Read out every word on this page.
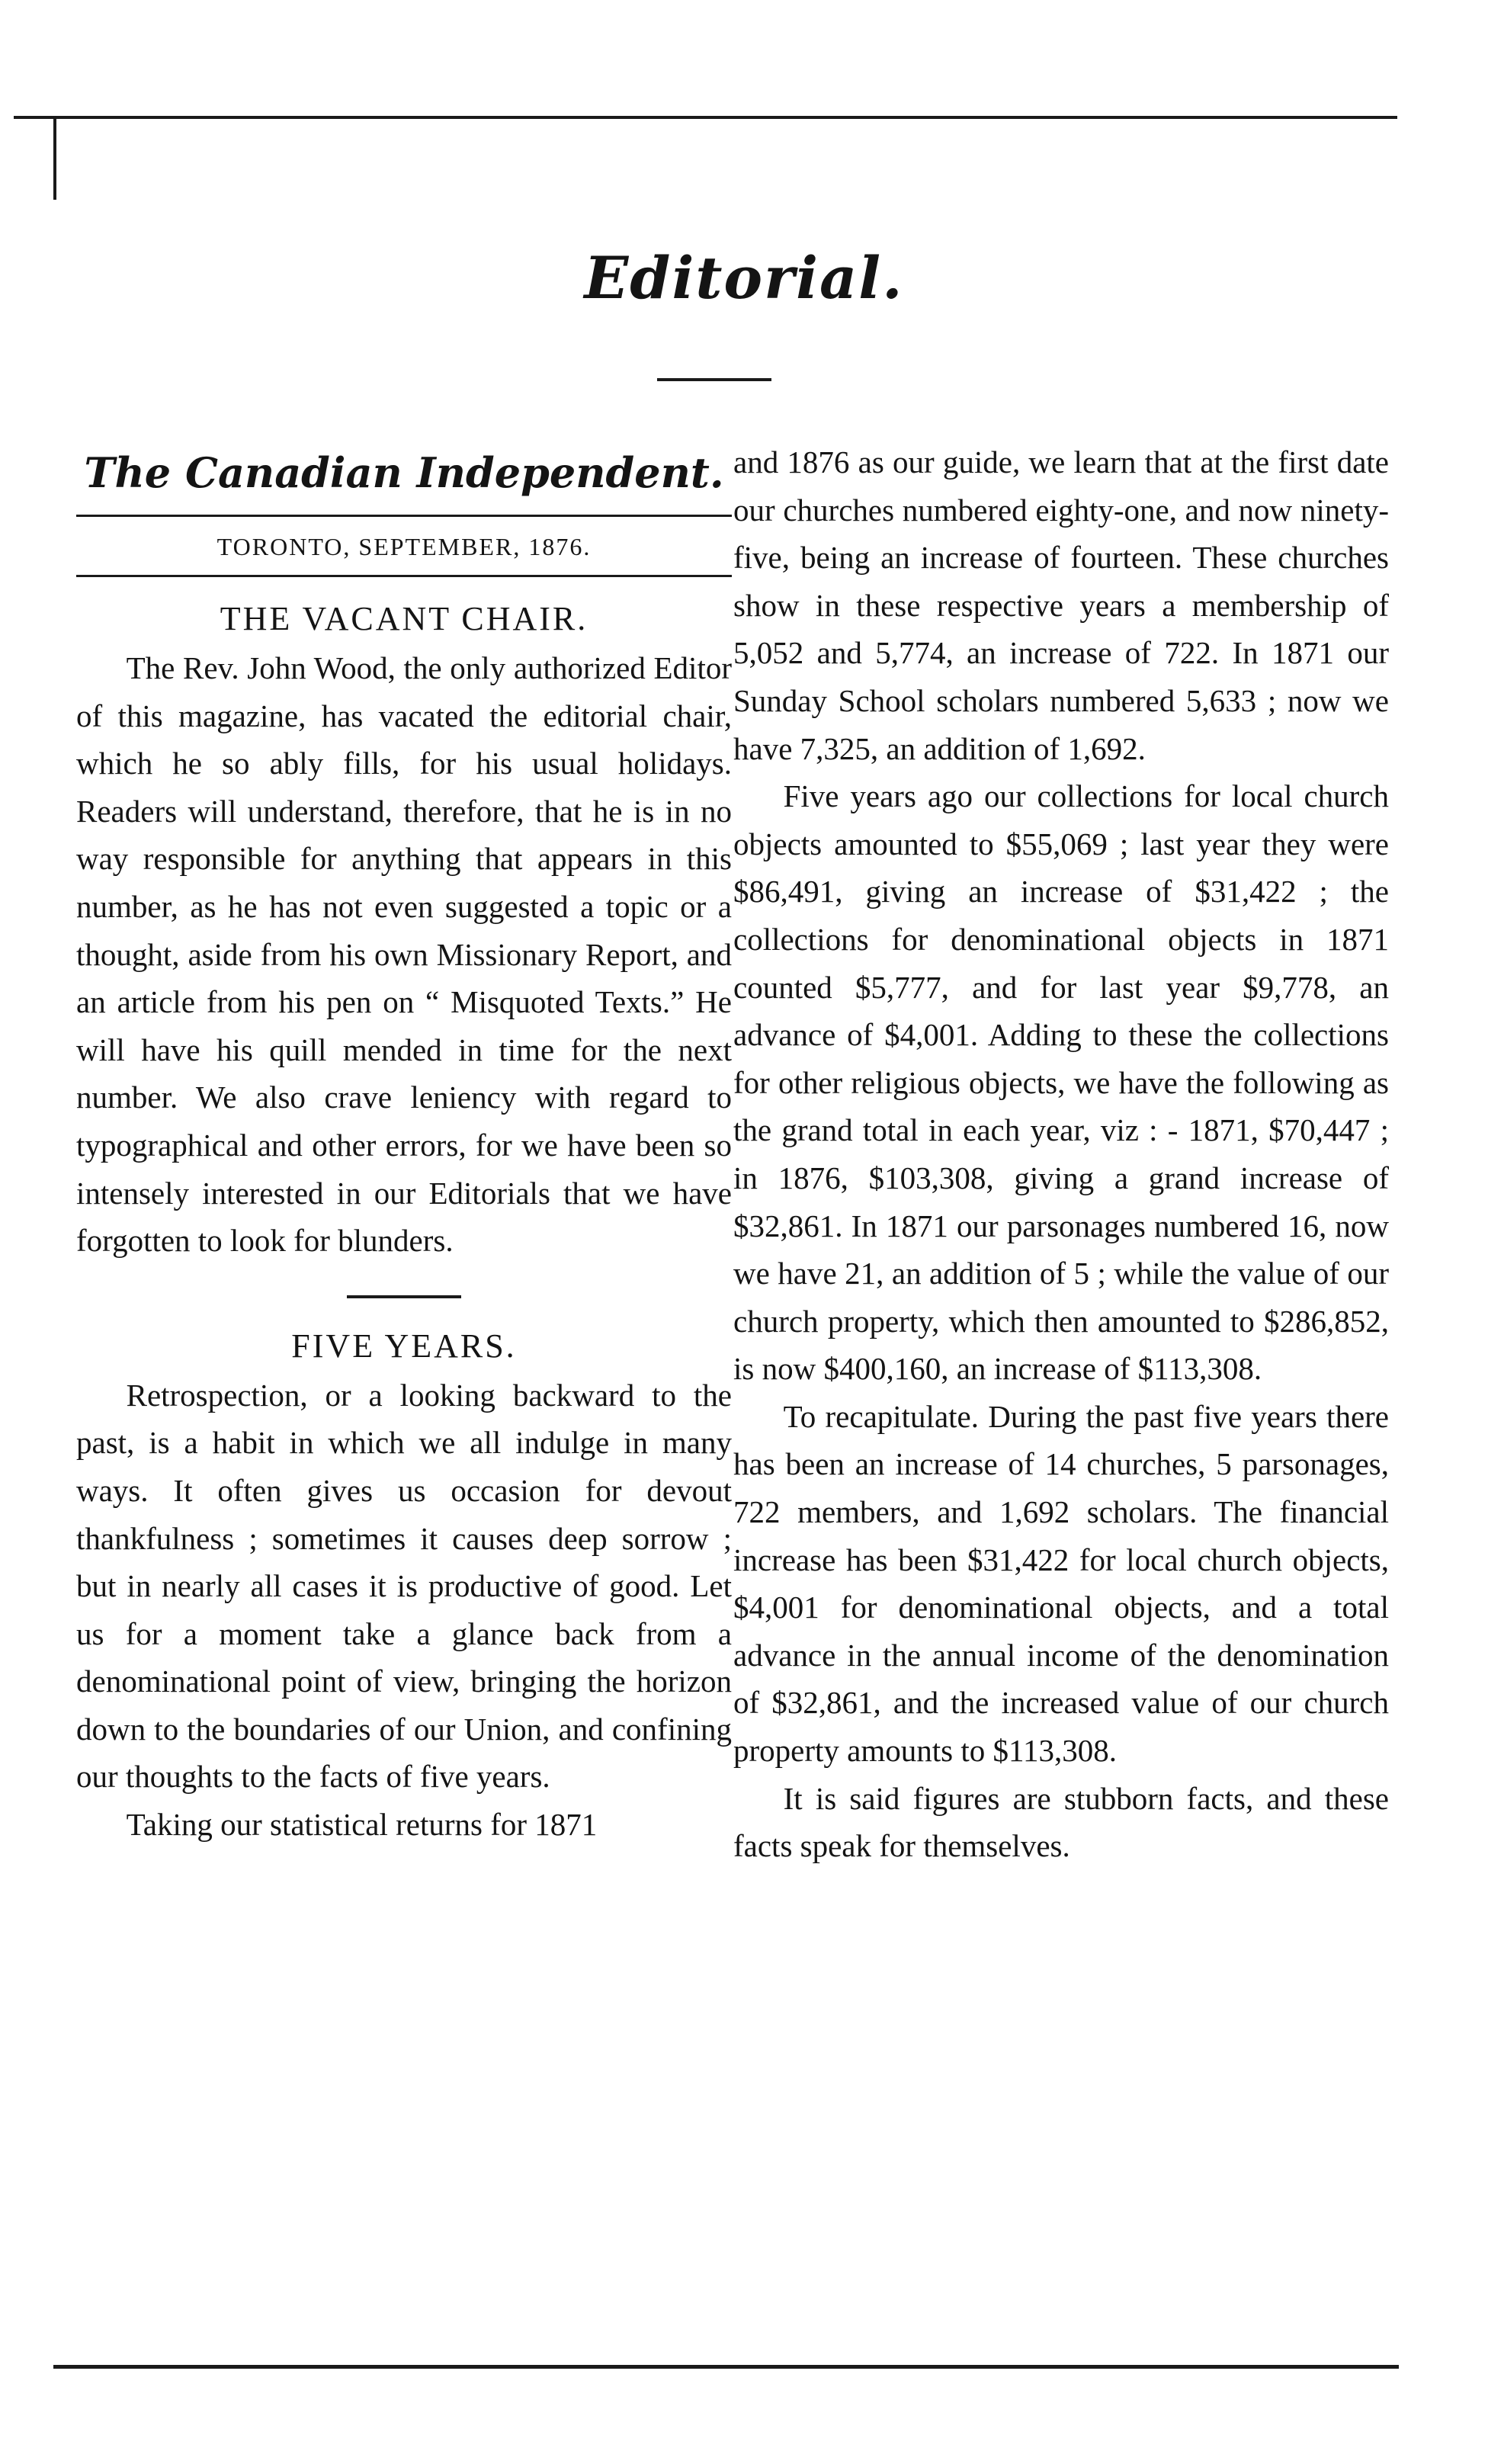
Editorial.
The Canadian Independent.
TORONTO, SEPTEMBER, 1876.
THE VACANT CHAIR.

The Rev. John Wood, the only authorized Editor of this magazine, has vacated the editorial chair, which he so ably fills, for his usual holidays. Readers will understand, therefore, that he is in no way responsible for anything that appears in this number, as he has not even suggested a topic or a thought, aside from his own Missionary Report, and an article from his pen on “ Misquoted Texts.” He will have his quill mended in time for the next number. We also crave leniency with regard to typographical and other errors, for we have been so intensely interested in our Editorials that we have forgotten to look for blunders.

FIVE YEARS.

Retrospection, or a looking backward to the past, is a habit in which we all indulge in many ways. It often gives us occasion for devout thankfulness ; sometimes it causes deep sorrow ; but in nearly all cases it is productive of good. Let us for a moment take a glance back from a denominational point of view, bringing the horizon down to the boundaries of our Union, and confining our thoughts to the facts of five years.

Taking our statistical returns for 1871

and 1876 as our guide, we learn that at the first date our churches numbered eighty-one, and now ninety-five, being an increase of fourteen. These churches show in these respective years a membership of 5,052 and 5,774, an increase of 722. In 1871 our Sunday School scholars numbered 5,633 ; now we have 7,325, an addition of 1,692.

Five years ago our collections for local church objects amounted to $55,069 ; last year they were $86,491, giving an increase of $31,422 ; the collections for denominational objects in 1871 counted $5,777, and for last year $9,778, an advance of $4,001. Adding to these the collections for other religious objects, we have the following as the grand total in each year, viz : - 1871, $70,447 ; in 1876, $103,308, giving a grand increase of $32,861. In 1871 our parsonages numbered 16, now we have 21, an addition of 5 ; while the value of our church property, which then amounted to $286,852, is now $400,160, an increase of $113,308.

To recapitulate. During the past five years there has been an increase of 14 churches, 5 parsonages, 722 members, and 1,692 scholars. The financial increase has been $31,422 for local church objects, $4,001 for denominational objects, and a total advance in the annual income of the denomination of $32,861, and the increased value of our church property amounts to $113,308.

It is said figures are stubborn facts, and these facts speak for themselves.
